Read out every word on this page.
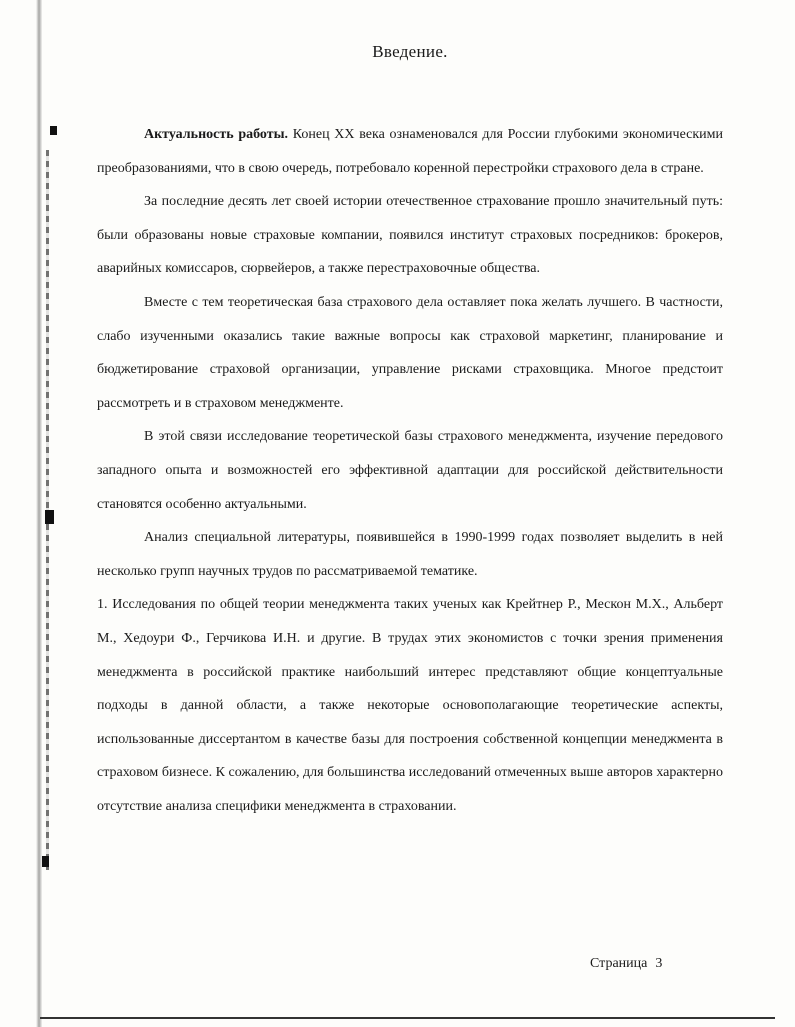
Введение.

Актуальность работы. Конец XX века ознаменовался для России глубокими экономическими преобразованиями, что в свою очередь, потребовало коренной перестройки страхового дела в стране.

За последние десять лет своей истории отечественное страхование прошло значительный путь: были образованы новые страховые компании, появился институт страховых посредников: брокеров, аварийных комиссаров, сюрвейеров, а также перестраховочные общества.

Вместе с тем теоретическая база страхового дела оставляет пока желать лучшего. В частности, слабо изученными оказались такие важные вопросы как страховой маркетинг, планирование и бюджетирование страховой организации, управление рисками страховщика. Многое предстоит рассмотреть и в страховом менеджменте.

В этой связи исследование теоретической базы страхового менеджмента, изучение передового западного опыта и возможностей его эффективной адаптации для российской действительности становятся особенно актуальными.

Анализ специальной литературы, появившейся в 1990-1999 годах позволяет выделить в ней несколько групп научных трудов по рассматриваемой тематике.

1. Исследования по общей теории менеджмента таких ученых как Крейтнер Р., Мескон М.Х., Альберт М., Хедоури Ф., Герчикова И.Н. и другие. В трудах этих экономистов с точки зрения применения менеджмента в российской практике наибольший интерес представляют общие концептуальные подходы в данной области, а также некоторые основополагающие теоретические аспекты, использованные диссертантом в качестве базы для построения собственной концепции менеджмента в страховом бизнесе. К сожалению, для большинства исследований отмеченных выше авторов характерно отсутствие анализа специфики менеджмента в страховании.

Страница 3
